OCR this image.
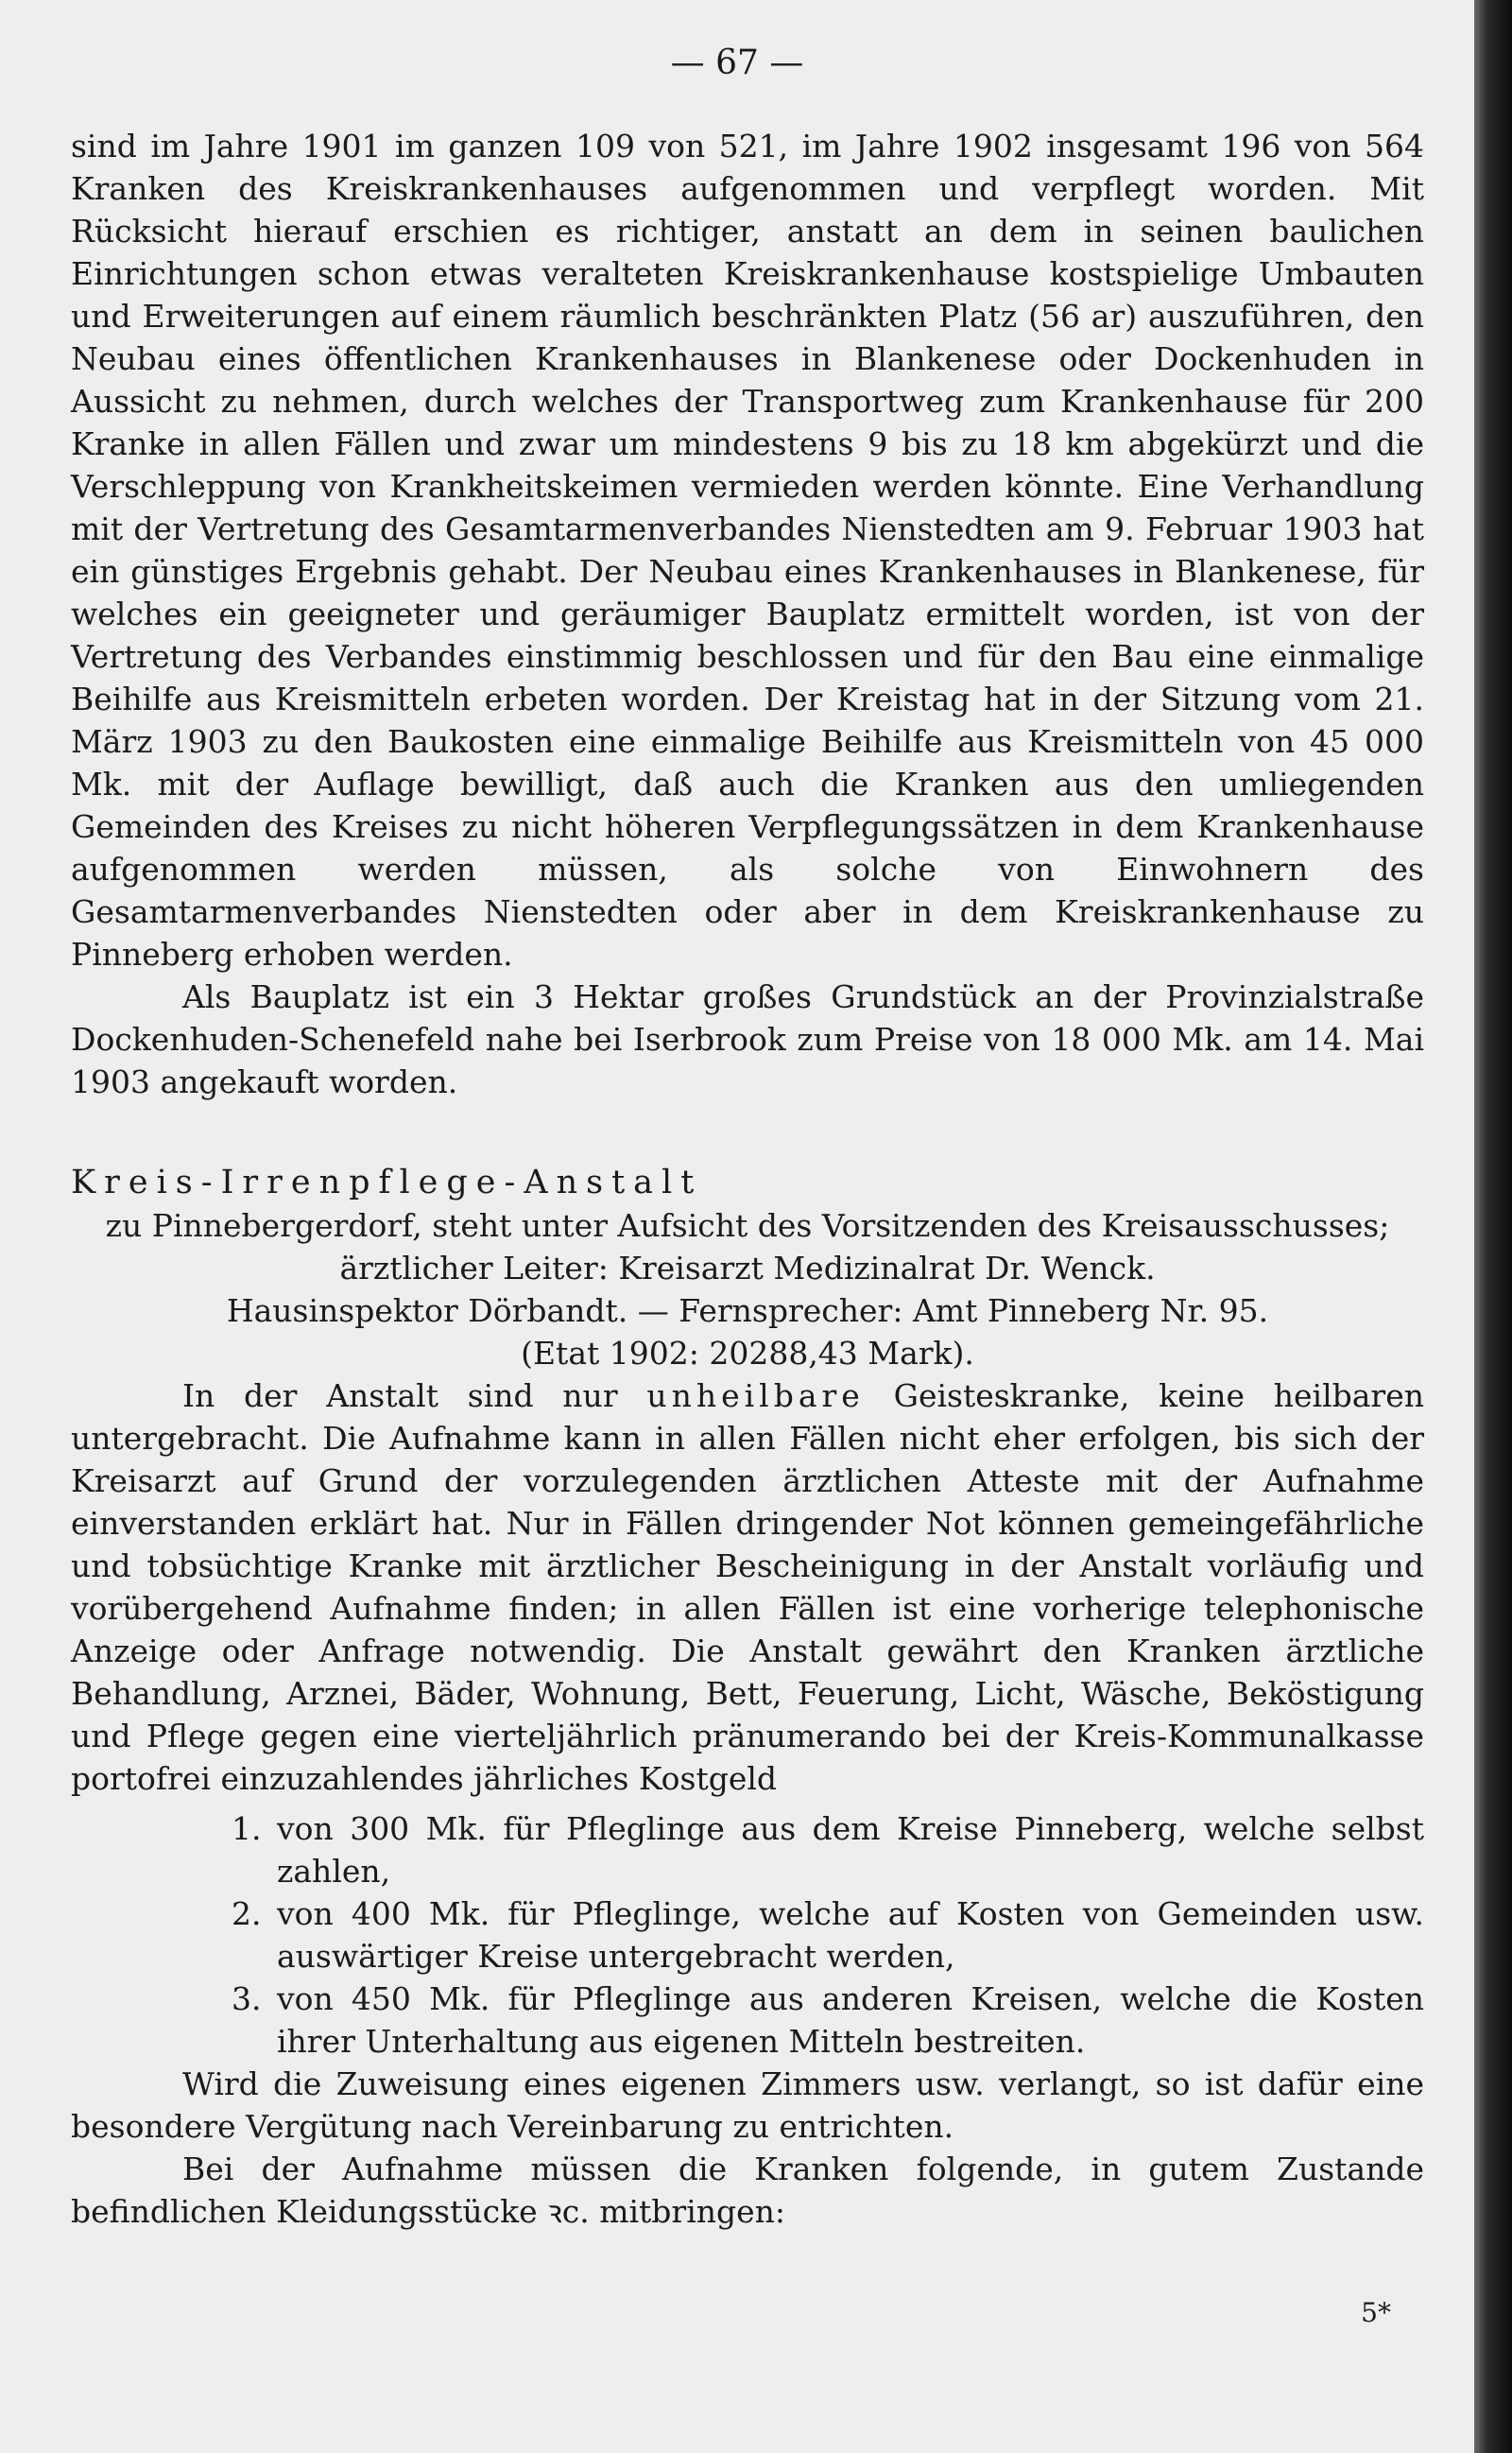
— 67 —

sind im Jahre 1901 im ganzen 109 von 521, im Jahre 1902 insgesamt 196 von 564 Kranken des Kreiskrankenhauses aufgenommen und verpflegt worden. Mit Rücksicht hierauf erschien es richtiger, anstatt an dem in seinen baulichen Einrichtungen schon etwas veralteten Kreiskrankenhause kostspielige Umbauten und Erweiterungen auf einem räumlich beschränkten Platz (56 ar) auszuführen, den Neubau eines öffentlichen Krankenhauses in Blankenese oder Dockenhuden in Aussicht zu nehmen, durch welches der Transportweg zum Krankenhause für 200 Kranke in allen Fällen und zwar um mindestens 9 bis zu 18 km abgekürzt und die Verschleppung von Krankheitskeimen vermieden werden könnte. Eine Verhandlung mit der Vertretung des Gesamtarmenverbandes Nienstedten am 9. Februar 1903 hat ein günstiges Ergebnis gehabt. Der Neubau eines Krankenhauses in Blankenese, für welches ein geeigneter und geräumiger Bauplatz ermittelt worden, ist von der Vertretung des Verbandes einstimmig beschlossen und für den Bau eine einmalige Beihilfe aus Kreismitteln erbeten worden. Der Kreistag hat in der Sitzung vom 21. März 1903 zu den Baukosten eine einmalige Beihilfe aus Kreismitteln von 45 000 Mk. mit der Auflage bewilligt, daß auch die Kranken aus den umliegenden Gemeinden des Kreises zu nicht höheren Verpflegungssätzen in dem Krankenhause aufgenommen werden müssen, als solche von Einwohnern des Gesamtarmenverbandes Nienstedten oder aber in dem Kreiskrankenhause zu Pinneberg erhoben werden.

Als Bauplatz ist ein 3 Hektar großes Grundstück an der Provinzialstraße Dockenhuden-Schenefeld nahe bei Iserbrook zum Preise von 18 000 Mk. am 14. Mai 1903 angekauft worden.

Kreis-Irrenpflege-Anstalt

zu Pinnebergerdorf, steht unter Aufsicht des Vorsitzenden des Kreisausschusses; ärztlicher Leiter: Kreisarzt Medizinalrat Dr. Wenck.

Hausinspektor Dörbandt. — Fernsprecher: Amt Pinneberg Nr. 95.

(Etat 1902: 20288,43 Mark).

In der Anstalt sind nur unheilbare Geisteskranke, keine heilbaren untergebracht. Die Aufnahme kann in allen Fällen nicht eher erfolgen, bis sich der Kreisarzt auf Grund der vorzulegenden ärztlichen Atteste mit der Aufnahme einverstanden erklärt hat. Nur in Fällen dringender Not können gemeingefährliche und tobsüchtige Kranke mit ärztlicher Bescheinigung in der Anstalt vorläufig und vorübergehend Aufnahme finden; in allen Fällen ist eine vorherige telephonische Anzeige oder Anfrage notwendig. Die Anstalt gewährt den Kranken ärztliche Behandlung, Arznei, Bäder, Wohnung, Bett, Feuerung, Licht, Wäsche, Beköstigung und Pflege gegen eine vierteljährlich pränumerando bei der Kreis-Kommunalkasse portofrei einzuzahlendes jährliches Kostgeld

1. von 300 Mk. für Pfleglinge aus dem Kreise Pinneberg, welche selbst zahlen,
2. von 400 Mk. für Pfleglinge, welche auf Kosten von Gemeinden usw. auswärtiger Kreise untergebracht werden,
3. von 450 Mk. für Pfleglinge aus anderen Kreisen, welche die Kosten ihrer Unterhaltung aus eigenen Mitteln bestreiten.

Wird die Zuweisung eines eigenen Zimmers usw. verlangt, so ist dafür eine besondere Vergütung nach Vereinbarung zu entrichten.

Bei der Aufnahme müssen die Kranken folgende, in gutem Zustande befindlichen Kleidungsstücke ꝛc. mitbringen:

5*
